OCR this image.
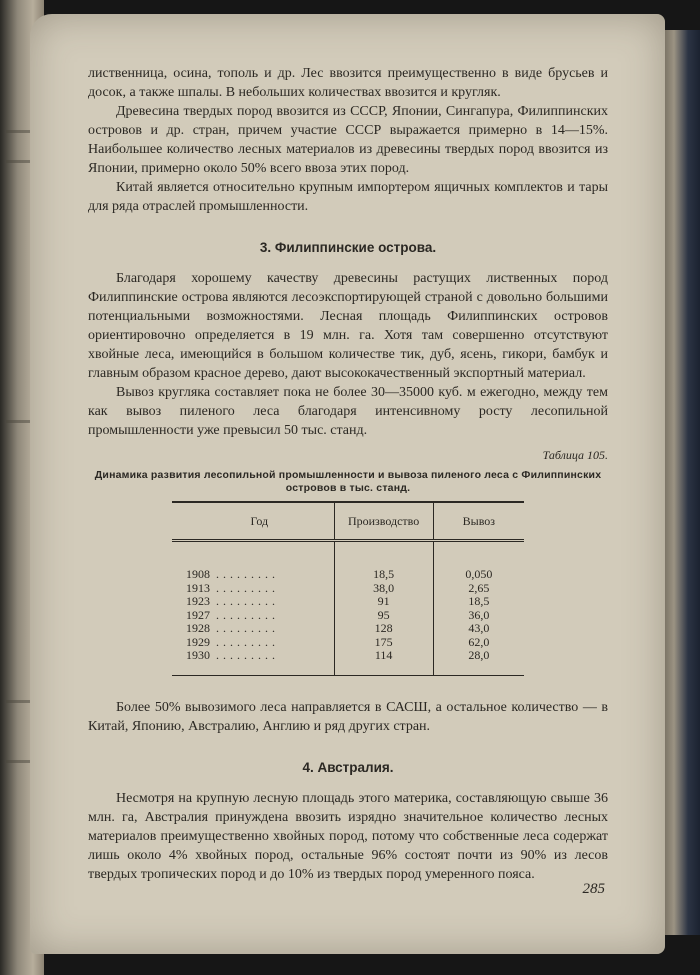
лиственница, осина, тополь и др. Лес ввозится преимущественно в виде брусьев и досок, а также шпалы. В небольших количествах ввозится и кругляк.

Древесина твердых пород ввозится из СССР, Японии, Сингапура, Филиппинских островов и др. стран, причем участие СССР выражается примерно в 14—15%. Наибольшее количество лесных материалов из древесины твердых пород ввозится из Японии, примерно около 50% всего ввоза этих пород.

Китай является относительно крупным импортером ящичных комплектов и тары для ряда отраслей промышленности.

3. Филиппинские острова.

Благодаря хорошему качеству древесины растущих лиственных пород Филиппинские острова являются лесоэкспортирующей страной с довольно большими потенциальными возможностями. Лесная площадь Филиппинских островов ориентировочно определяется в 19 млн. га. Хотя там совершенно отсутствуют хвойные леса, имеющийся в большом количестве тик, дуб, ясень, гикори, бамбук и главным образом красное дерево, дают высококачественный экспортный материал.

Вывоз кругляка составляет пока не более 30—35000 куб. м ежегодно, между тем как вывоз пиленого леса благодаря интенсивному росту лесопильной промышленности уже превысил 50 тыс. станд.

Таблица 105.
Динамика развития лесопильной промышленности и вывоза пиленого леса с Филиппинских островов в тыс. станд.
Год	Производство	Вывоз

1908 .........	18,5	0,050
1913 .........	38,0	2,65
1923 .........	91	18,5
1927 .........	95	36,0
1928 .........	128	43,0
1929 .........	175	62,0
1930 .........	114	28,0

Более 50% вывозимого леса направляется в САСШ, а остальное количество — в Китай, Японию, Австралию, Англию и ряд других стран.

4. Австралия.

Несмотря на крупную лесную площадь этого материка, составляющую свыше 36 млн. га, Австралия принуждена ввозить изрядно значительное количество лесных материалов преимущественно хвойных пород, потому что собственные леса содержат лишь около 4% хвойных пород, остальные 96% состоят почти из 90% из лесов твердых тропических пород и до 10% из твердых пород умеренного пояса.

285
